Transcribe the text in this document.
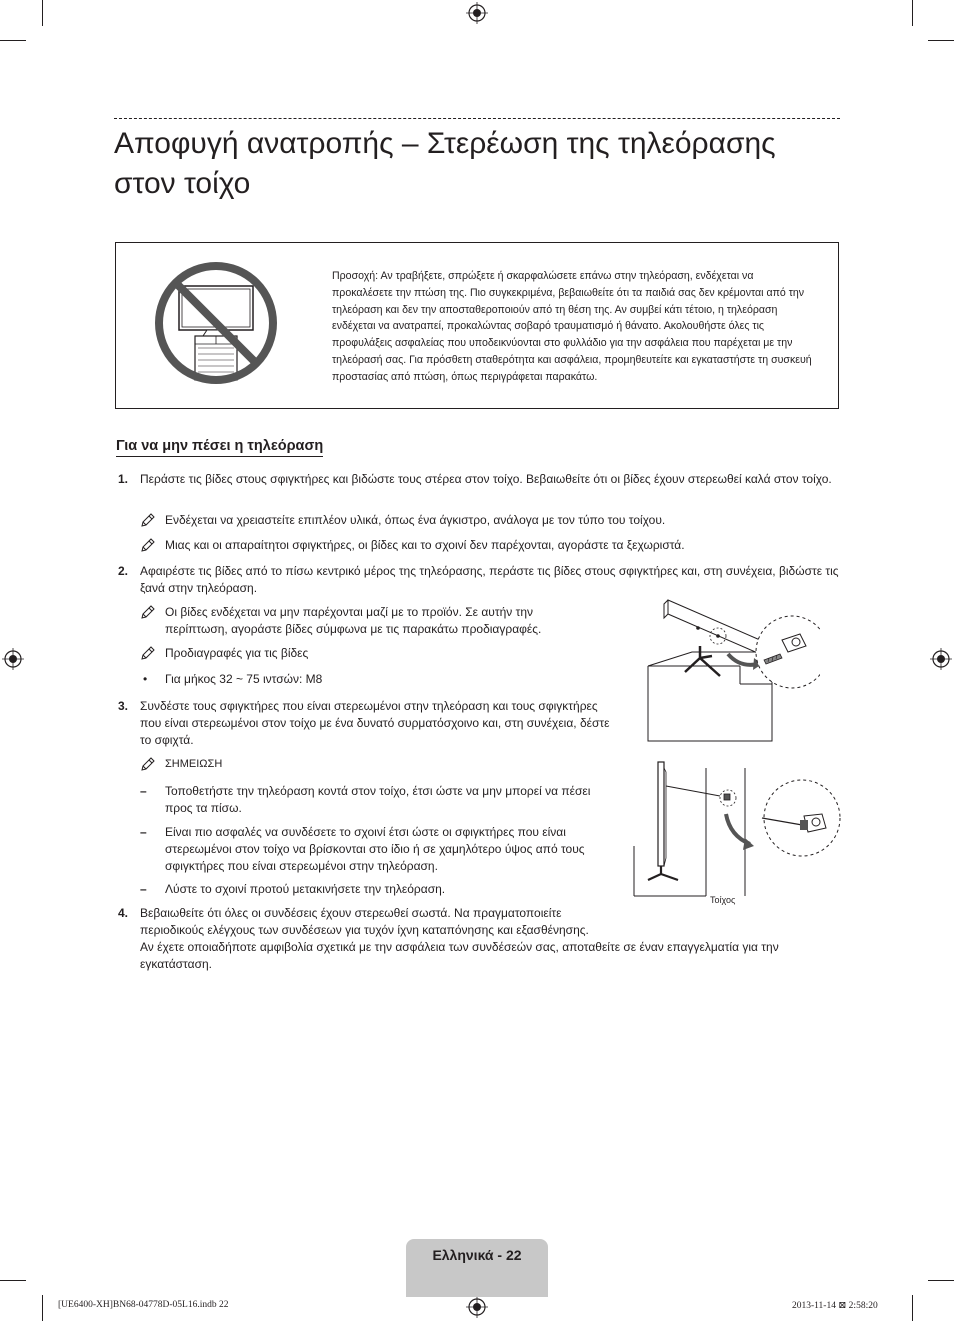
Αποφυγή ανατροπής – Στερέωση της τηλεόρασης στον τοίχο
Προσοχή: Αν τραβήξετε, σπρώξετε ή σκαρφαλώσετε επάνω στην τηλεόραση, ενδέχεται να προκαλέσετε την πτώση της. Πιο συγκεκριμένα, βεβαιωθείτε ότι τα παιδιά σας δεν κρέμονται από την τηλεόραση και δεν την αποσταθεροποιούν από τη θέση της. Αν συμβεί κάτι τέτοιο, η τηλεόραση ενδέχεται να ανατραπεί, προκαλώντας σοβαρό τραυματισμό ή θάνατο. Ακολουθήστε όλες τις προφυλάξεις ασφαλείας που υποδεικνύονται στο φυλλάδιο για την ασφάλεια που παρέχεται με την τηλεόρασή σας. Για πρόσθετη σταθερότητα και ασφάλεια, προμηθευτείτε και εγκαταστήστε τη συσκευή προστασίας από πτώση, όπως περιγράφεται παρακάτω.
Για να μην πέσει η τηλεόραση
1. Περάστε τις βίδες στους σφιγκτήρες και βιδώστε τους στέρεα στον τοίχο. Βεβαιωθείτε ότι οι βίδες έχουν στερεωθεί καλά στον τοίχο.
Ενδέχεται να χρειαστείτε επιπλέον υλικά, όπως ένα άγκιστρο, ανάλογα με τον τύπο του τοίχου.
Μιας και οι απαραίτητοι σφιγκτήρες, οι βίδες και το σχοινί δεν παρέχονται, αγοράστε τα ξεχωριστά.
2. Αφαιρέστε τις βίδες από το πίσω κεντρικό μέρος της τηλεόρασης, περάστε τις βίδες στους σφιγκτήρες και, στη συνέχεια, βιδώστε τις ξανά στην τηλεόραση.
Οι βίδες ενδέχεται να μην παρέχονται μαζί με το προϊόν. Σε αυτήν την περίπτωση, αγοράστε βίδες σύμφωνα με τις παρακάτω προδιαγραφές.
Προδιαγραφές για τις βίδες
• Για μήκος 32 ~ 75 ιντσών: M8
3. Συνδέστε τους σφιγκτήρες που είναι στερεωμένοι στην τηλεόραση και τους σφιγκτήρες που είναι στερεωμένοι στον τοίχο με ένα δυνατό συρματόσχοινο και, στη συνέχεια, δέστε το σφιχτά.
ΣΗΜΕΙΩΣΗ
– Τοποθετήστε την τηλεόραση κοντά στον τοίχο, έτσι ώστε να μην μπορεί να πέσει προς τα πίσω.
– Είναι πιο ασφαλές να συνδέσετε το σχοινί έτσι ώστε οι σφιγκτήρες που είναι στερεωμένοι στον τοίχο να βρίσκονται στο ίδιο ή σε χαμηλότερο ύψος από τους σφιγκτήρες που είναι στερεωμένοι στην τηλεόραση.
– Λύστε το σχοινί προτού μετακινήσετε την τηλεόραση.
4. Βεβαιωθείτε ότι όλες οι συνδέσεις έχουν στερεωθεί σωστά. Να πραγματοποιείτε περιοδικούς ελέγχους των συνδέσεων για τυχόν ίχνη καταπόνησης και εξασθένησης.
Αν έχετε οποιαδήποτε αμφιβολία σχετικά με την ασφάλεια των συνδέσεών σας, αποταθείτε σε έναν επαγγελματία για την εγκατάσταση.
Τοίχος
Ελληνικά - 22
[UE6400-XH]BN68-04778D-05L16.indb 22	2013-11-14 ⊠ 2:58:20
